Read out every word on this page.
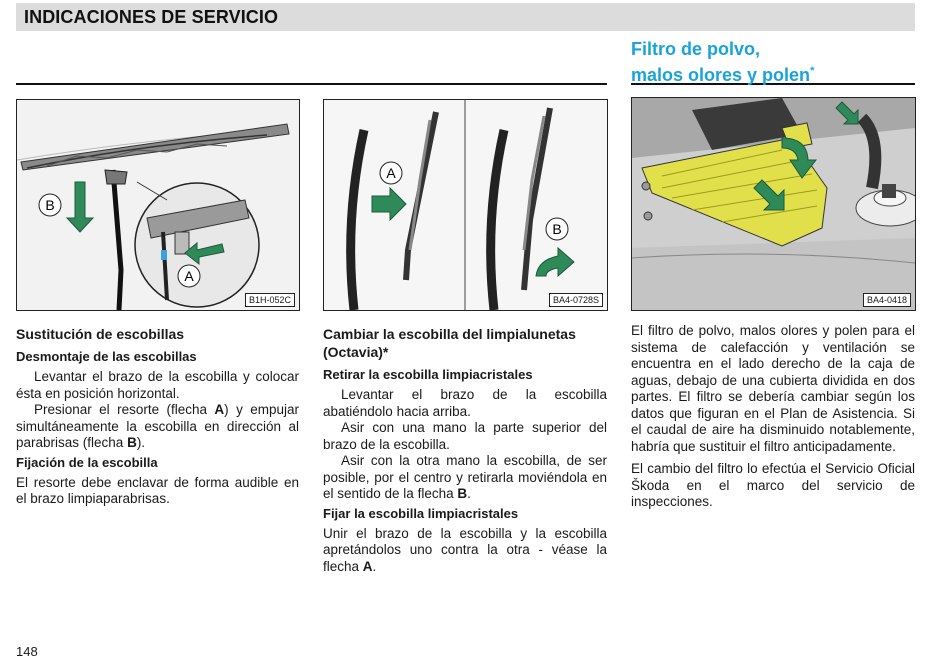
INDICACIONES DE SERVICIO
Filtro de polvo,
malos olores y polen*
B
A
B1H-052C
A
B
BA4-0728S	BA4-0418
Sustitución de escobillas
Desmontaje de las escobillas

Levantar el brazo de la escobilla y colocar ésta en posición horizontal.

Presionar el resorte (flecha A) y empujar simultáneamente la escobilla en dirección al parabrisas (flecha B).

Fijación de la escobilla

El resorte debe enclavar de forma audible en el brazo limpiaparabrisas.

Cambiar la escobilla del limpialunetas (Octavia)*
Retirar la escobilla limpiacristales

Levantar el brazo de la escobilla abatiéndolo hacia arriba.

Asir con una mano la parte superior del brazo de la escobilla.

Asir con la otra mano la escobilla, de ser posible, por el centro y retirarla moviéndola en el sentido de la flecha B.

Fijar la escobilla limpiacristales

Unir el brazo de la escobilla y la escobilla apretándolos uno contra la otra - véase la flecha A.

El filtro de polvo, malos olores y polen para el sistema de calefacción y ventilación se encuentra en el lado derecho de la caja de aguas, debajo de una cubierta dividida en dos partes. El filtro se debería cambiar según los datos que figuran en el Plan de Asistencia. Si el caudal de aire ha disminuido notablemente, habría que sustituir el filtro anticipadamente.

El cambio del filtro lo efectúa el Servicio Oficial Škoda en el marco del servicio de inspecciones.

148
